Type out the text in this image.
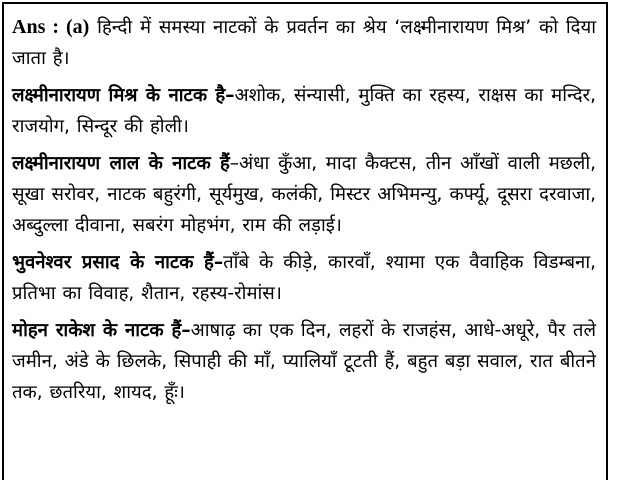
Ans : (a) हिन्दी में समस्या नाटकों के प्रवर्तन का श्रेय ‘लक्ष्मीनारायण मिश्र’ को दिया जाता है।

लक्ष्मीनारायण मिश्र के नाटक है–अशोक, संन्यासी, मुक्ति का रहस्य, राक्षस का मन्दिर, राजयोग, सिन्दूर की होली।

लक्ष्मीनारायण लाल के नाटक हैं–अंधा कुँआ, मादा कैक्टस, तीन आँखों वाली मछली, सूखा सरोवर, नाटक बहुरंगी, सूर्यमुख, कलंकी, मिस्टर अभिमन्यु, कर्फ्यू, दूसरा दरवाजा, अब्दुल्ला दीवाना, सबरंग मोहभंग, राम की लड़ाई।

भुवनेश्वर प्रसाद के नाटक हैं–ताँबे के कीड़े, कारवाँ, श्यामा एक वैवाहिक विडम्बना, प्रतिभा का विवाह, शैतान, रहस्य-रोमांस।

मोहन राकेश के नाटक हैं–आषाढ़ का एक दिन, लहरों के राजहंस, आधे-अधूरे, पैर तले जमीन, अंडे के छिलके, सिपाही की माँ, प्यालियाँ टूटती हैं, बहुत बड़ा सवाल, रात बीतने तक, छतरिया, शायद, हूँः।
